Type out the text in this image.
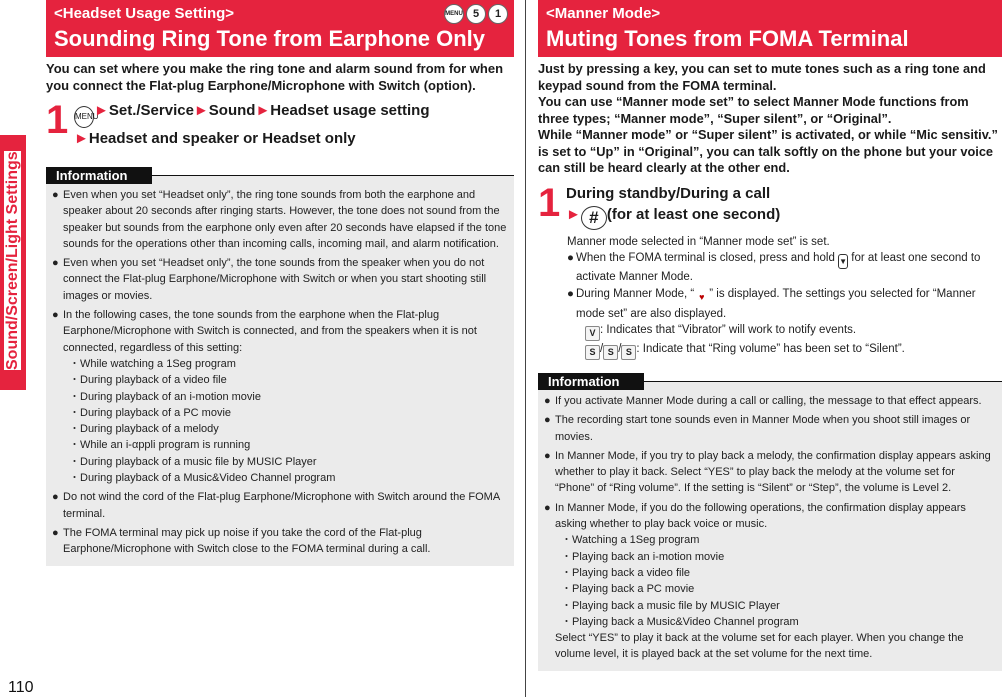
Sound/Screen/Light Settings
<Headset Usage Setting>
Sounding Ring Tone from Earphone Only
MENU 5	1
You can set where you make the ring tone and alarm sound from for when you connect the Flat-plug Earphone/Microphone with Switch (option).
1 MENU►Set./Service►Sound►Headset usage setting
►Headset and speaker or Headset only
Information
● Even when you set “Headset only”, the ring tone sounds from both the earphone and speaker about 20 seconds after ringing starts. However, the tone does not sound from the speaker but sounds from the earphone only even after 20 seconds have elapsed if the tone sounds for the operations other than incoming calls, incoming mail, and alarm notification.
● Even when you set “Headset only”, the tone sounds from the speaker when you do not connect the Flat-plug Earphone/Microphone with Switch or when you start shooting still images or movies.
● In the following cases, the tone sounds from the earphone when the Flat-plug Earphone/Microphone with Switch is connected, and from the speakers when it is not connected, regardless of this setting:
・While watching a 1Seg program
・During playback of a video file
・During playback of an i-motion movie
・During playback of a PC movie
・During playback of a melody
・While an i-αppli program is running
・During playback of a music file by MUSIC Player
・During playback of a Music&Video Channel program
● Do not wind the cord of the Flat-plug Earphone/Microphone with Switch around the FOMA terminal.
● The FOMA terminal may pick up noise if you take the cord of the Flat-plug Earphone/Microphone with Switch close to the FOMA terminal during a call.
<Manner Mode>
Muting Tones from FOMA Terminal
Just by pressing a key, you can set to mute tones such as a ring tone and keypad sound from the FOMA terminal.
You can use “Manner mode set” to select Manner Mode functions from three types; “Manner mode”, “Super silent”, or “Original”.
While “Manner mode” or “Super silent” is activated, or while “Mic sensitiv.” is set to “Up” in “Original”, you can talk softly on the phone but your voice can still be heard clearly at the other end.
1 During standby/During a call
► # (for at least one second)
Manner mode selected in “Manner mode set” is set.
● When the FOMA terminal is closed, press and hold ▼ for at least one second to activate Manner Mode.
● During Manner Mode, “ ♥ ” is displayed. The settings you selected for “Manner mode set” are also displayed.
V : Indicates that “Vibrator” will work to notify events.
S / S / S : Indicate that “Ring volume” has been set to “Silent”.
Information
● If you activate Manner Mode during a call or calling, the message to that effect appears.
● The recording start tone sounds even in Manner Mode when you shoot still images or movies.
● In Manner Mode, if you try to play back a melody, the confirmation display appears asking whether to play it back. Select “YES” to play back the melody at the volume set for “Phone” of “Ring volume”. If the setting is “Silent” or “Step”, the volume is Level 2.
● In Manner Mode, if you do the following operations, the confirmation display appears asking whether to play back voice or music.
・Watching a 1Seg program
・Playing back an i-motion movie
・Playing back a video file
・Playing back a PC movie
・Playing back a music file by MUSIC Player
・Playing back a Music&Video Channel program
Select “YES” to play it back at the volume set for each player. When you change the volume level, it is played back at the set volume for the next time.
110
